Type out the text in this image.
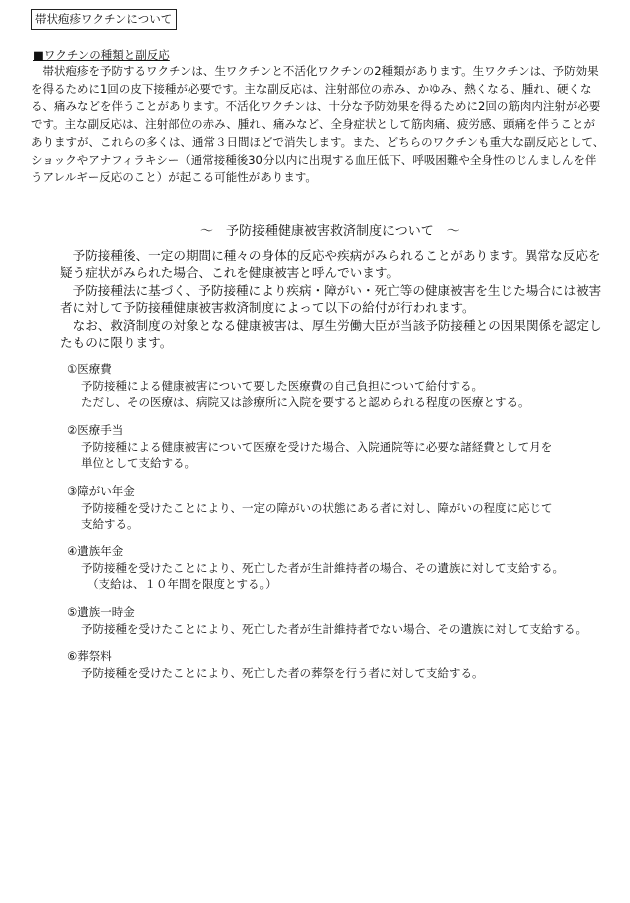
帯状疱疹ワクチンについて
■ワクチンの種類と副反応

　帯状疱疹を予防するワクチンは、生ワクチンと不活化ワクチンの2種類があります。生ワクチンは、予防効果を得るために1回の皮下接種が必要です。主な副反応は、注射部位の赤み、かゆみ、熱くなる、腫れ、硬くなる、痛みなどを伴うことがあります。不活化ワクチンは、十分な予防効果を得るために2回の筋肉内注射が必要です。主な副反応は、注射部位の赤み、腫れ、痛みなど、全身症状として筋肉痛、疲労感、頭痛を伴うことがありますが、これらの多くは、通常３日間ほどで消失します。また、どちらのワクチンも重大な副反応として、ショックやアナフィラキシー（通常接種後30分以内に出現する血圧低下、呼吸困難や全身性のじんましんを伴うアレルギー反応のこと）が起こる可能性があります。

～　予防接種健康被害救済制度について　～

　予防接種後、一定の期間に種々の身体的反応や疾病がみられることがあります。異常な反応を疑う症状がみられた場合、これを健康被害と呼んでいます。

　予防接種法に基づく、予防接種により疾病・障がい・死亡等の健康被害を生じた場合には被害者に対して予防接種健康被害救済制度によって以下の給付が行われます。

　なお、救済制度の対象となる健康被害は、厚生労働大臣が当該予防接種との因果関係を認定したものに限ります。

①医療費
予防接種による健康被害について要した医療費の自己負担について給付する。
ただし、その医療は、病院又は診療所に入院を要すると認められる程度の医療とする。
②医療手当
予防接種による健康被害について医療を受けた場合、入院通院等に必要な諸経費として月を
単位として支給する。
③障がい年金
予防接種を受けたことにより、一定の障がいの状態にある者に対し、障がいの程度に応じて
支給する。
④遺族年金
予防接種を受けたことにより、死亡した者が生計維持者の場合、その遺族に対して支給する。
（支給は、１０年間を限度とする。）
⑤遺族一時金
予防接種を受けたことにより、死亡した者が生計維持者でない場合、その遺族に対して支給する。
⑥葬祭料
予防接種を受けたことにより、死亡した者の葬祭を行う者に対して支給する。
